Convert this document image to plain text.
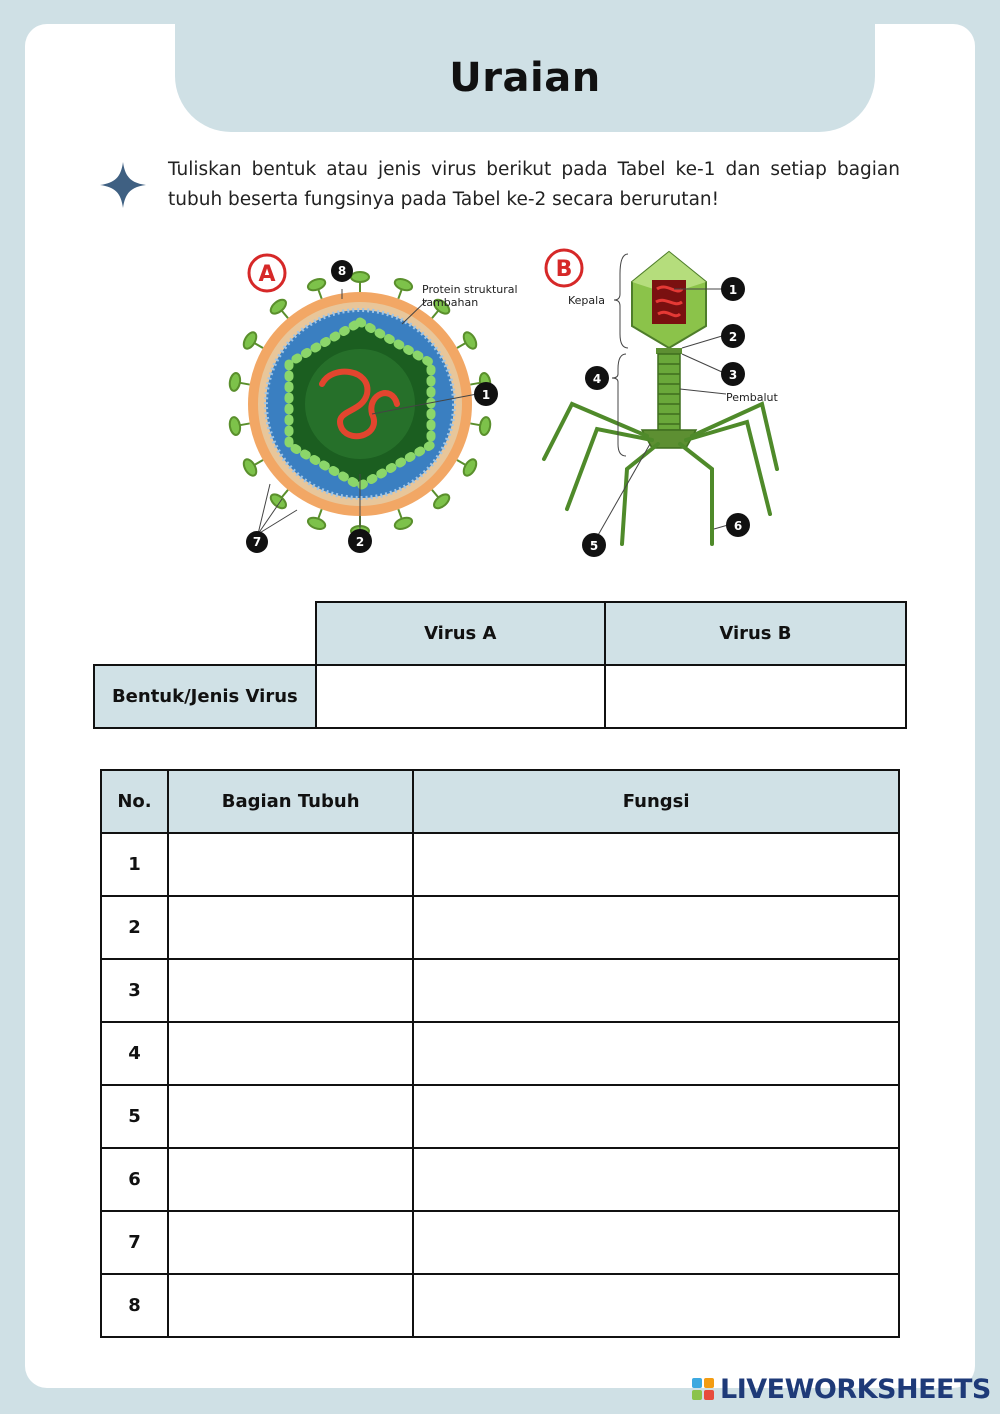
Uraian

Tuliskan bentuk atau jenis virus berikut pada Tabel ke-1 dan setiap bagian tubuh beserta fungsinya pada Tabel ke-2 secara berurutan!

A	8
1
2
7
Protein struktural
tambahan
B
Kepala
Pembalut
1
2
3
4
5
6
	Virus A	Virus B
Bentuk/Jenis Virus		
No.	Bagian Tubuh	Fungsi
1		
2		
3		
4		
5		
6		
7		
8		
LIVEWORKSHEETS
